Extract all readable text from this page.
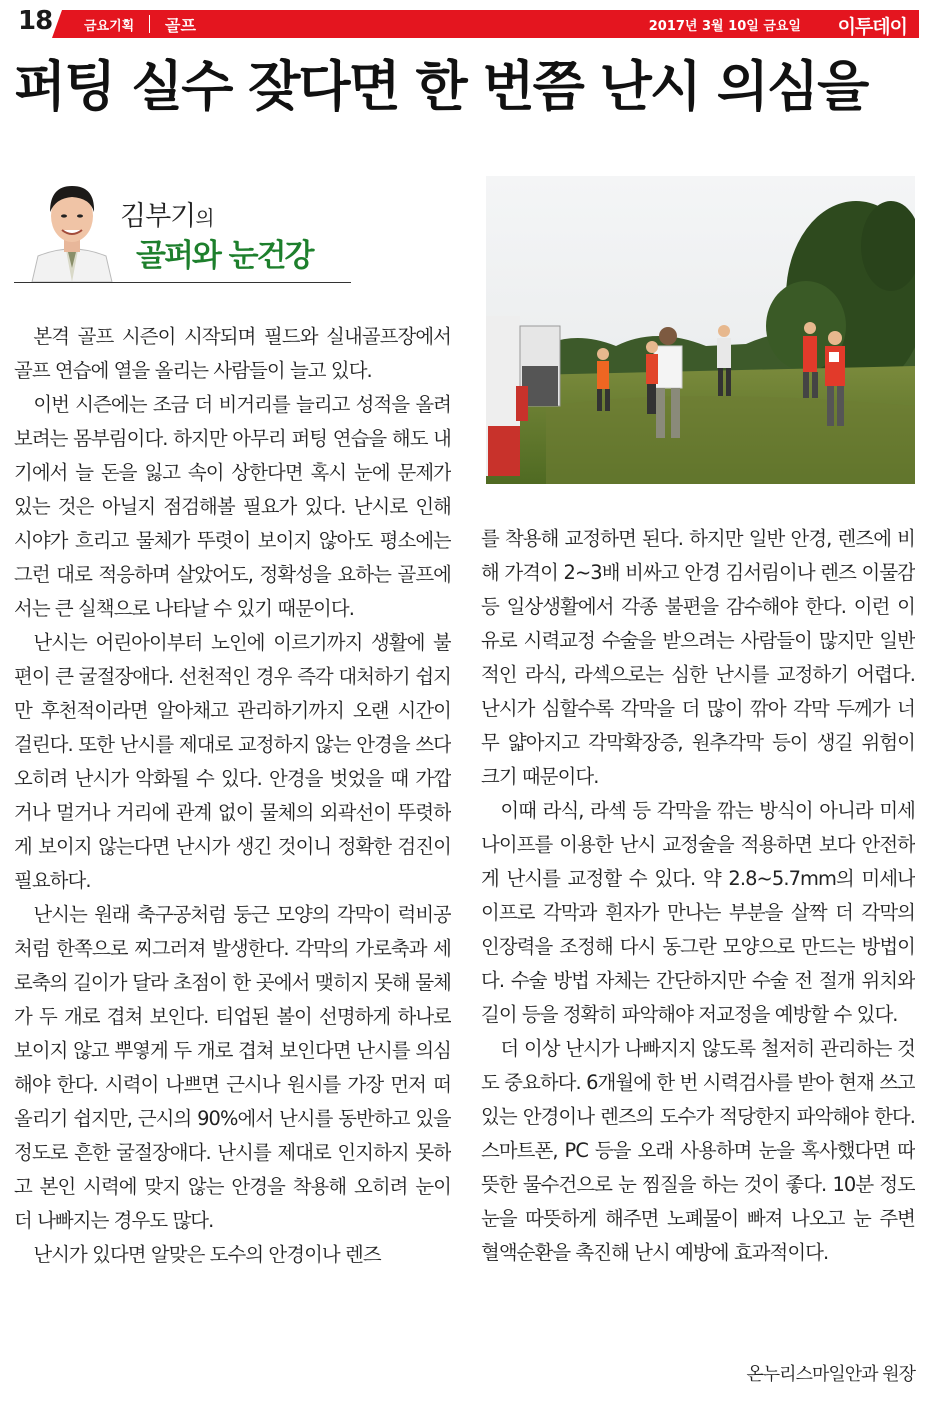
18 금요기획 골프	2017년 3월 10일 금요일 이투데이
퍼팅 실수 잦다면 한 번쯤 난시 의심을
김부기의
골퍼와 눈건강

본격 골프 시즌이 시작되며 필드와 실내골프장에서 골프 연습에 열을 올리는 사람들이 늘고 있다.

이번 시즌에는 조금 더 비거리를 늘리고 성적을 올려보려는 몸부림이다. 하지만 아무리 퍼팅 연습을 해도 내기에서 늘 돈을 잃고 속이 상한다면 혹시 눈에 문제가 있는 것은 아닐지 점검해볼 필요가 있다. 난시로 인해 시야가 흐리고 물체가 뚜렷이 보이지 않아도 평소에는 그런 대로 적응하며 살았어도, 정확성을 요하는 골프에서는 큰 실책으로 나타날 수 있기 때문이다.

난시는 어린아이부터 노인에 이르기까지 생활에 불편이 큰 굴절장애다. 선천적인 경우 즉각 대처하기 쉽지만 후천적이라면 알아채고 관리하기까지 오랜 시간이 걸린다. 또한 난시를 제대로 교정하지 않는 안경을 쓰다 오히려 난시가 악화될 수 있다. 안경을 벗었을 때 가깝거나 멀거나 거리에 관계 없이 물체의 외곽선이 뚜렷하게 보이지 않는다면 난시가 생긴 것이니 정확한 검진이 필요하다.

난시는 원래 축구공처럼 둥근 모양의 각막이 럭비공처럼 한쪽으로 찌그러져 발생한다. 각막의 가로축과 세로축의 길이가 달라 초점이 한 곳에서 맺히지 못해 물체가 두 개로 겹쳐 보인다. 티업된 볼이 선명하게 하나로 보이지 않고 뿌옇게 두 개로 겹쳐 보인다면 난시를 의심해야 한다. 시력이 나쁘면 근시나 원시를 가장 먼저 떠올리기 쉽지만, 근시의 90%에서 난시를 동반하고 있을 정도로 흔한 굴절장애다. 난시를 제대로 인지하지 못하고 본인 시력에 맞지 않는 안경을 착용해 오히려 눈이 더 나빠지는 경우도 많다.

난시가 있다면 알맞은 도수의 안경이나 렌즈

를 착용해 교정하면 된다. 하지만 일반 안경, 렌즈에 비해 가격이 2~3배 비싸고 안경 김서림이나 렌즈 이물감 등 일상생활에서 각종 불편을 감수해야 한다. 이런 이유로 시력교정 수술을 받으려는 사람들이 많지만 일반적인 라식, 라섹으로는 심한 난시를 교정하기 어렵다. 난시가 심할수록 각막을 더 많이 깎아 각막 두께가 너무 얇아지고 각막확장증, 원추각막 등이 생길 위험이 크기 때문이다.

이때 라식, 라섹 등 각막을 깎는 방식이 아니라 미세나이프를 이용한 난시 교정술을 적용하면 보다 안전하게 난시를 교정할 수 있다. 약 2.8~5.7mm의 미세나이프로 각막과 흰자가 만나는 부분을 살짝 더 각막의 인장력을 조정해 다시 동그란 모양으로 만드는 방법이다. 수술 방법 자체는 간단하지만 수술 전 절개 위치와 길이 등을 정확히 파악해야 저교정을 예방할 수 있다.

더 이상 난시가 나빠지지 않도록 철저히 관리하는 것도 중요하다. 6개월에 한 번 시력검사를 받아 현재 쓰고 있는 안경이나 렌즈의 도수가 적당한지 파악해야 한다. 스마트폰, PC 등을 오래 사용하며 눈을 혹사했다면 따뜻한 물수건으로 눈 찜질을 하는 것이 좋다. 10분 정도 눈을 따뜻하게 해주면 노폐물이 빠져 나오고 눈 주변 혈액순환을 촉진해 난시 예방에 효과적이다.

온누리스마일안과 원장
